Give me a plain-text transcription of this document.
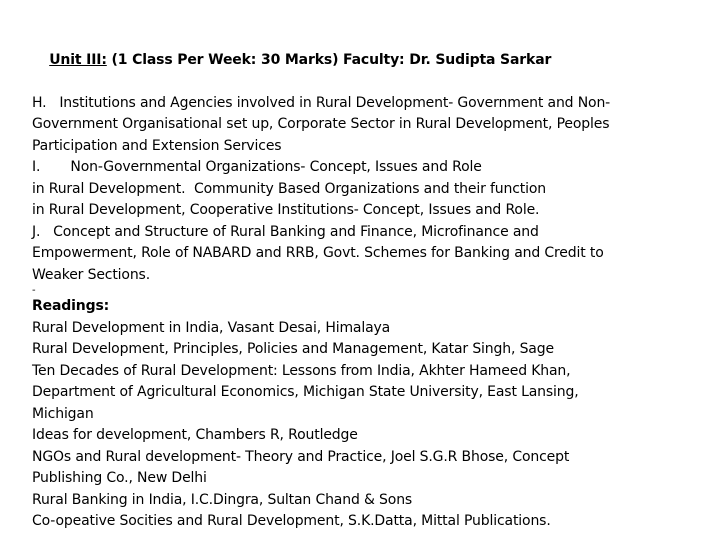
Unit III: (1 Class Per Week: 30 Marks) Faculty: Dr. Sudipta Sarkar

H.   Institutions and Agencies involved in Rural Development- Government and Non-
Government Organisational set up, Corporate Sector in Rural Development, Peoples
Participation and Extension Services
I.       Non-Governmental Organizations- Concept, Issues and Role
in Rural Development.  Community Based Organizations and their function
in Rural Development, Cooperative Institutions- Concept, Issues and Role.
J.   Concept and Structure of Rural Banking and Finance, Microfinance and
Empowerment, Role of NABARD and RRB, Govt. Schemes for Banking and Credit to
Weaker Sections.
-
Readings:
Rural Development in India, Vasant Desai, Himalaya
Rural Development, Principles, Policies and Management, Katar Singh, Sage
Ten Decades of Rural Development: Lessons from India, Akhter Hameed Khan,
Department of Agricultural Economics, Michigan State University, East Lansing,
Michigan
Ideas for development, Chambers R, Routledge
NGOs and Rural development- Theory and Practice, Joel S.G.R Bhose, Concept
Publishing Co., New Delhi
Rural Banking in India, I.C.Dingra, Sultan Chand & Sons
Co-opeative Socities and Rural Development, S.K.Datta, Mittal Publications.
